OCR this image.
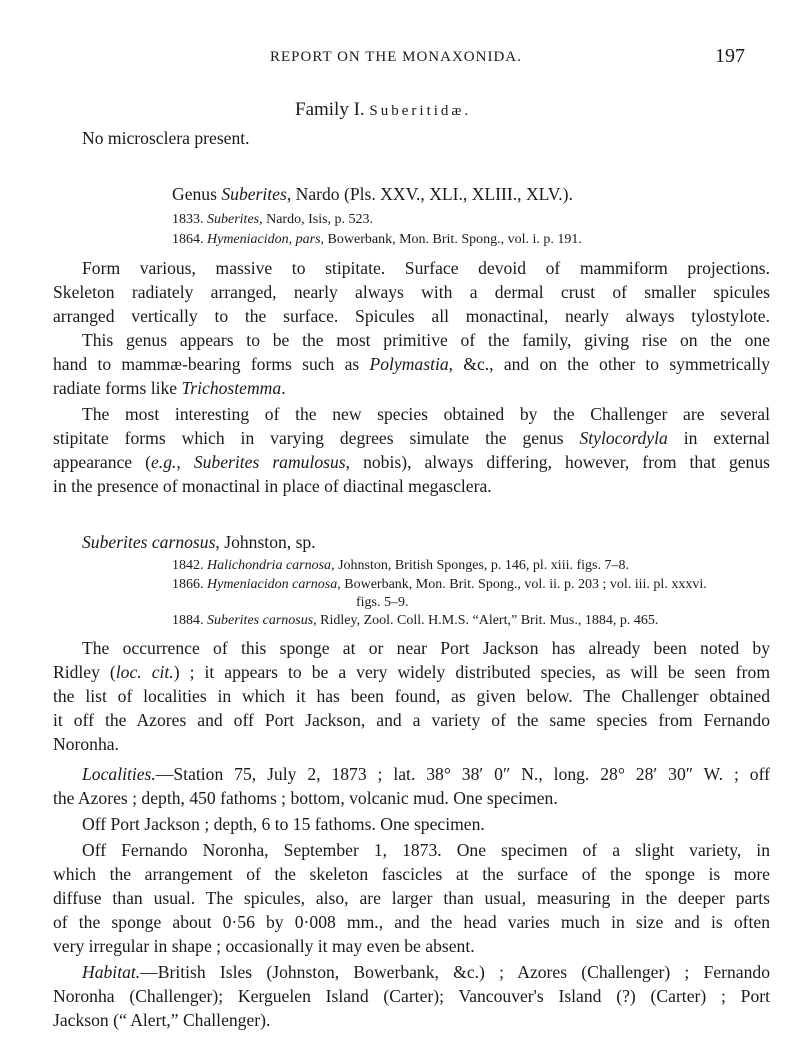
REPORT ON THE MONAXONIDA.	197
Family I. Suberitidæ.
No microsclera present.
Genus Suberites, Nardo (Pls. XXV., XLI., XLIII., XLV.).
1833. Suberites, Nardo, Isis, p. 523.
1864. Hymeniacidon, pars, Bowerbank, Mon. Brit. Spong., vol. i. p. 191.
Form various, massive to stipitate. Surface devoid of mammiform projections.
Skeleton radiately arranged, nearly always with a dermal crust of smaller spicules
arranged vertically to the surface. Spicules all monactinal, nearly always tylostylote.
This genus appears to be the most primitive of the family, giving rise on the one
hand to mammæ-bearing forms such as Polymastia, &c., and on the other to symmetrically
radiate forms like Trichostemma.
The most interesting of the new species obtained by the Challenger are several
stipitate forms which in varying degrees simulate the genus Stylocordyla in external
appearance (e.g., Suberites ramulosus, nobis), always differing, however, from that genus
in the presence of monactinal in place of diactinal megasclera.
Suberites carnosus, Johnston, sp.
1842. Halichondria carnosa, Johnston, British Sponges, p. 146, pl. xiii. figs. 7–8.
1866. Hymeniacidon carnosa, Bowerbank, Mon. Brit. Spong., vol. ii. p. 203 ; vol. iii. pl. xxxvi.
figs. 5–9.
1884. Suberites carnosus, Ridley, Zool. Coll. H.M.S. “Alert,” Brit. Mus., 1884, p. 465.
The occurrence of this sponge at or near Port Jackson has already been noted by
Ridley (loc. cit.) ; it appears to be a very widely distributed species, as will be seen from
the list of localities in which it has been found, as given below. The Challenger obtained
it off the Azores and off Port Jackson, and a variety of the same species from Fernando
Noronha.
Localities.—Station 75, July 2, 1873 ; lat. 38° 38′ 0″ N., long. 28° 28′ 30″ W. ; off
the Azores ; depth, 450 fathoms ; bottom, volcanic mud. One specimen.
Off Port Jackson ; depth, 6 to 15 fathoms. One specimen.
Off Fernando Noronha, September 1, 1873. One specimen of a slight variety, in
which the arrangement of the skeleton fascicles at the surface of the sponge is more
diffuse than usual. The spicules, also, are larger than usual, measuring in the deeper parts
of the sponge about 0·56 by 0·008 mm., and the head varies much in size and is often
very irregular in shape ; occasionally it may even be absent.
Habitat.—British Isles (Johnston, Bowerbank, &c.) ; Azores (Challenger) ; Fernando
Noronha (Challenger); Kerguelen Island (Carter); Vancouver's Island (?) (Carter) ; Port
Jackson (“ Alert,” Challenger).
